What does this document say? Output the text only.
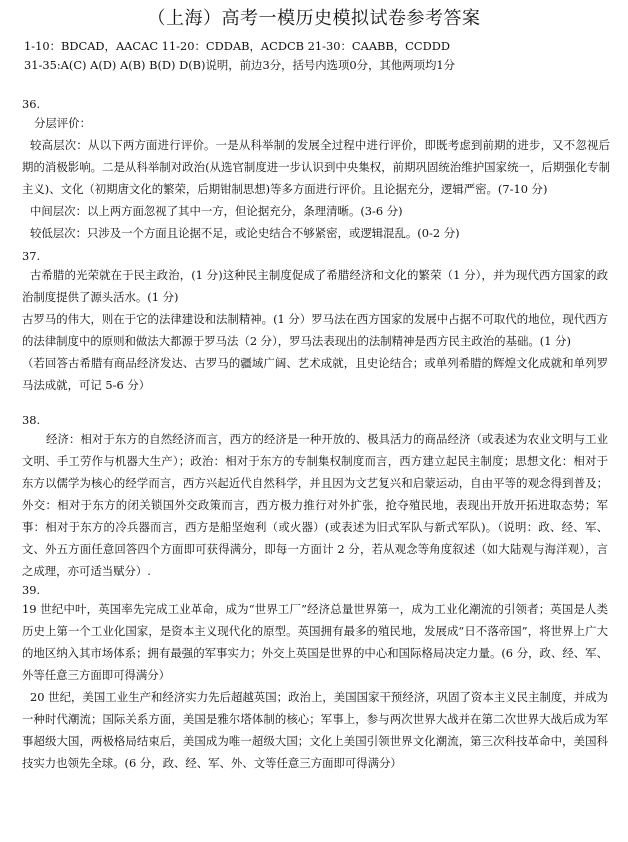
（上海）高考一模历史模拟试卷参考答案
1-10：BDCAD，AACAC 11-20：CDDAB，ACDCB 21-30：CAABB，CCDDD
31-35:A(C) A(D) A(B) B(D) D(B)说明，前边3分，括号内选项0分，其他两项均1分
36.
分层评价：
较高层次：从以下两方面进行评价。一是从科举制的发展全过程中进行评价，即既考虑到前期的进步，又不忽视后期的消极影响。二是从科举制对政治(从选官制度进一步认识到中央集权，前期巩固统治维护国家统一，后期强化专制主义)、文化（初期唐文化的繁荣，后期钳制思想)等多方面进行评价。且论据充分，逻辑严密。(7-10 分)
中间层次：以上两方面忽视了其中一方，但论据充分，条理清晰。(3-6 分)
较低层次：只涉及一个方面且论据不足，或论史结合不够紧密，或逻辑混乱。(0-2 分)
37.
古希腊的光荣就在于民主政治，(1 分)这种民主制度促成了希腊经济和文化的繁荣（1 分），并为现代西方国家的政治制度提供了源头活水。(1 分)
古罗马的伟大，则在于它的法律建设和法制精神。(1 分）罗马法在西方国家的发展中占据不可取代的地位，现代西方的法律制度中的原则和做法大都源于罗马法（2 分），罗马法表现出的法制精神是西方民主政治的基础。(1 分)
（若回答古希腊有商品经济发达、古罗马的疆域广阔、艺术成就，且史论结合；或单列希腊的辉煌文化成就和单列罗马法成就，可记 5-6 分）
38.
经济：相对于东方的自然经济而言，西方的经济是一种开放的、极具活力的商品经济（或表述为农业文明与工业文明、手工劳作与机器大生产）；政治：相对于东方的专制集权制度而言，西方建立起民主制度；思想文化：相对于东方以儒学为核心的经学而言，西方兴起近代自然科学，并且因为文艺复兴和启蒙运动，自由平等的观念得到普及；外交：相对于东方的闭关锁国外交政策而言，西方极力推行对外扩张，抢夺殖民地，表现出开放开拓进取态势；军事：相对于东方的冷兵器而言，西方是船坚炮利（或火器）(或表述为旧式军队与新式军队)。（说明：政、经、军、文、外五方面任意回答四个方面即可获得满分，即每一方面计 2 分，若从观念等角度叙述（如大陆观与海洋观），言之成理，亦可适当赋分）.
39.
19 世纪中叶，英国率先完成工业革命，成为“世界工厂”经济总量世界第一，成为工业化潮流的引领者；英国是人类历史上第一个工业化国家，是资本主义现代化的原型。英国拥有最多的殖民地，发展成“日不落帝国”，将世界上广大的地区纳入其市场体系；拥有最强的军事实力；外交上英国是世界的中心和国际格局决定力量。(6 分，政、经、军、外等任意三方面即可得满分）
20 世纪，美国工业生产和经济实力先后超越英国；政治上，美国国家干预经济，巩固了资本主义民主制度，并成为一种时代潮流；国际关系方面，美国是雅尔塔体制的核心；军事上，参与两次世界大战并在第二次世界大战后成为军事超级大国，两极格局结束后，美国成为唯一超级大国；文化上美国引领世界文化潮流，第三次科技革命中，美国科技实力也领先全球。(6 分，政、经、军、外、文等任意三方面即可得满分）
